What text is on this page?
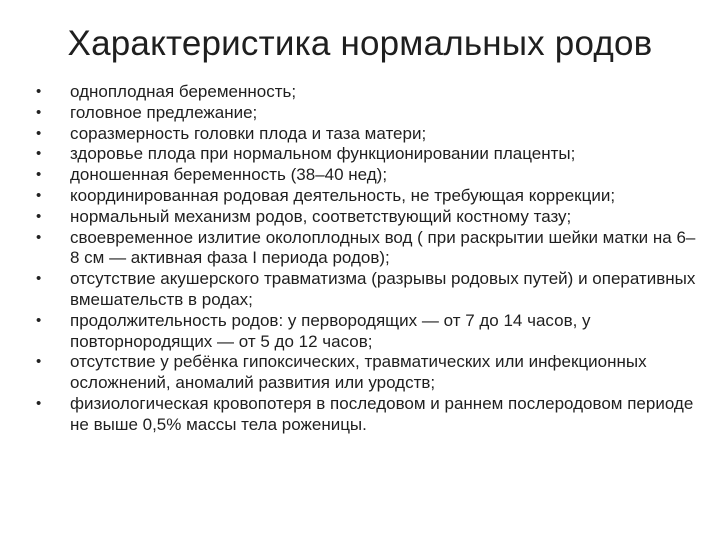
Характеристика нормальных родов
• одноплодная беременность;
• головное предлежание;
• соразмерность головки плода и таза матери;
• здоровье плода при нормальном функционировании плаценты;
• доношенная беременность (38–40 нед);
• координированная родовая деятельность, не требующая коррекции;
• нормальный механизм родов, соответствующий костному тазу;
• своевременное излитие околоплодных вод ( при раскрытии шейки матки на 6–8 см — активная фаза I периода родов);
• отсутствие акушерского травматизма (разрывы родовых путей) и оперативных вмешательств в родах;
• продолжительность родов: у первородящих — от 7 до 14 часов, у повторнородящих — от 5 до 12 часов;
• отсутствие у ребёнка гипоксических, травматических или инфекционных осложнений, аномалий развития или уродств;
• физиологическая кровопотеря в последовом и раннем послеродовом периоде не выше 0,5% массы тела роженицы.
